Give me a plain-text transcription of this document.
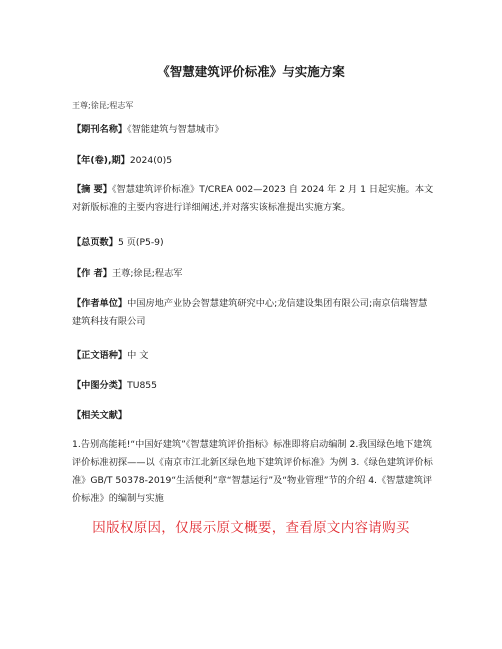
《智慧建筑评价标准》与实施方案
王尊;徐昆;程志军
【期刊名称】《智能建筑与智慧城市》
【年(卷),期】2024(0)5
【摘 要】《智慧建筑评价标准》T/CREA 002—2023 自 2024 年 2 月 1 日起实施。本文对新版标准的主要内容进行详细阐述,并对落实该标准提出实施方案。
【总页数】5 页(P5-9)
【作 者】王尊;徐昆;程志军
【作者单位】中国房地产业协会智慧建筑研究中心;龙信建设集团有限公司;南京信瑞智慧建筑科技有限公司
【正文语种】中 文
【中图分类】TU855
【相关文献】
1.告别高能耗!“中国好建筑”《智慧建筑评价指标》标准即将启动编制 2.我国绿色地下建筑评价标准初探——以《南京市江北新区绿色地下建筑评价标准》为例 3.《绿色建筑评价标准》GB/T 50378-2019“生活便利”章“智慧运行”及“物业管理”节的介绍 4.《智慧建筑评价标准》的编制与实施
因版权原因，仅展示原文概要，查看原文内容请购买
